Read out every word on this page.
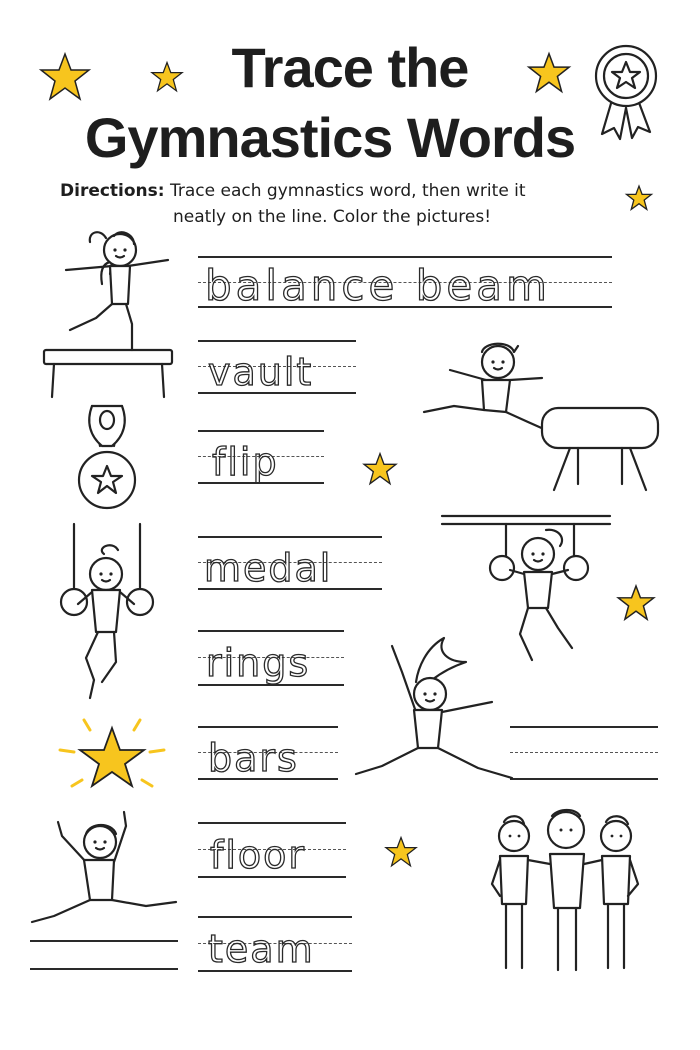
Trace the
Gymnastics Words
Directions: Trace each gymnastics word, then write it
neatly on the line. Color the pictures!
balance beam
vault
flip
medal
rings
bars
floor
team
